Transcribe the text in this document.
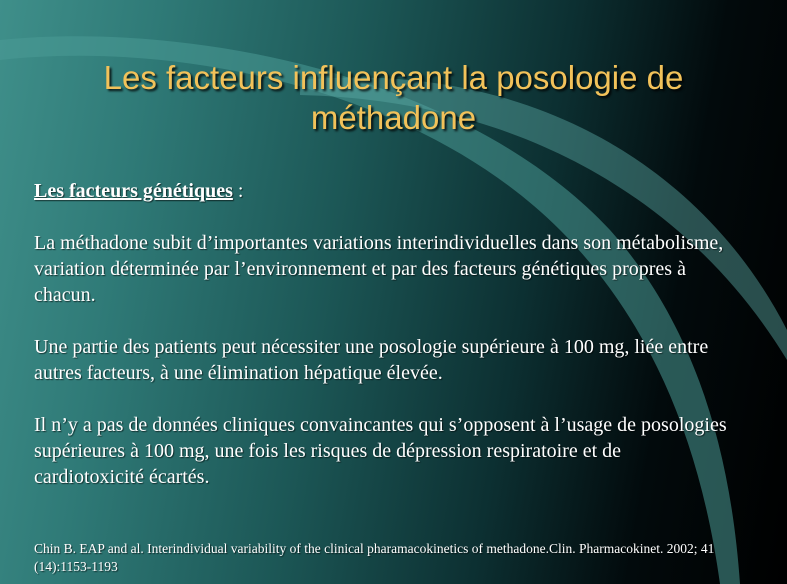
Les facteurs influençant la posologie de méthadone

Les facteurs génétiques :

La méthadone subit d’importantes variations interindividuelles dans son métabolisme, variation déterminée par l’environnement et par des facteurs génétiques propres à chacun.

Une partie des patients peut nécessiter une posologie supérieure à 100 mg, liée entre autres facteurs, à une élimination hépatique élevée.

Il n’y a pas de données cliniques convaincantes qui s’opposent à l’usage de posologies supérieures à 100 mg, une fois les risques de dépression respiratoire et de cardiotoxicité écartés.

Chin B. EAP and al. Interindividual variability of the clinical pharamacokinetics of methadone.Clin. Pharmacokinet. 2002; 41 (14):1153-1193
